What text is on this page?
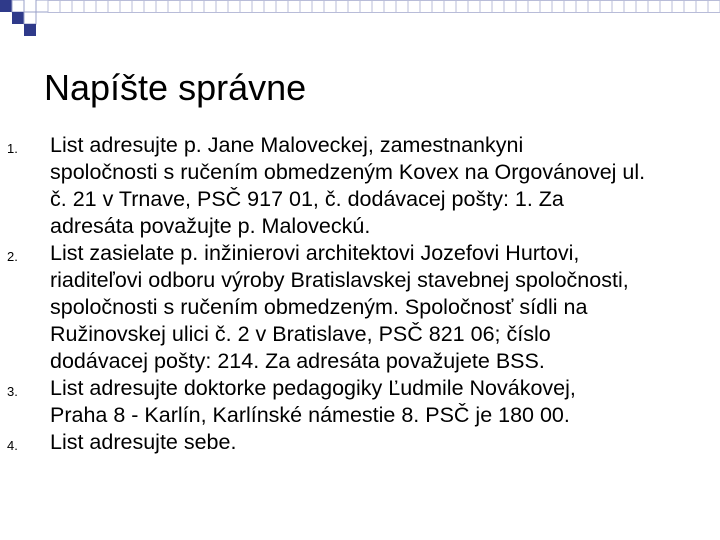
Napíšte správne
1. List adresujte p. Jane Maloveckej, zamestnankyni
spoločnosti s ručením obmedzeným Kovex na Orgovánovej ul.
č. 21 v Trnave, PSČ 917 01, č. dodávacej pošty: 1. Za
adresáta považujte p. Maloveckú.
2. List zasielate p. inžinierovi architektovi Jozefovi Hurtovi,
riaditeľovi odboru výroby Bratislavskej stavebnej spoločnosti,
spoločnosti s ručením obmedzeným. Spoločnosť sídli na
Ružinovskej ulici č. 2 v Bratislave, PSČ 821 06; číslo
dodávacej pošty: 214. Za adresáta považujete BSS.
3. List adresujte doktorke pedagogiky Ľudmile Novákovej,
Praha 8 - Karlín, Karlínské námestie 8. PSČ je 180 00.
4. List adresujte sebe.
